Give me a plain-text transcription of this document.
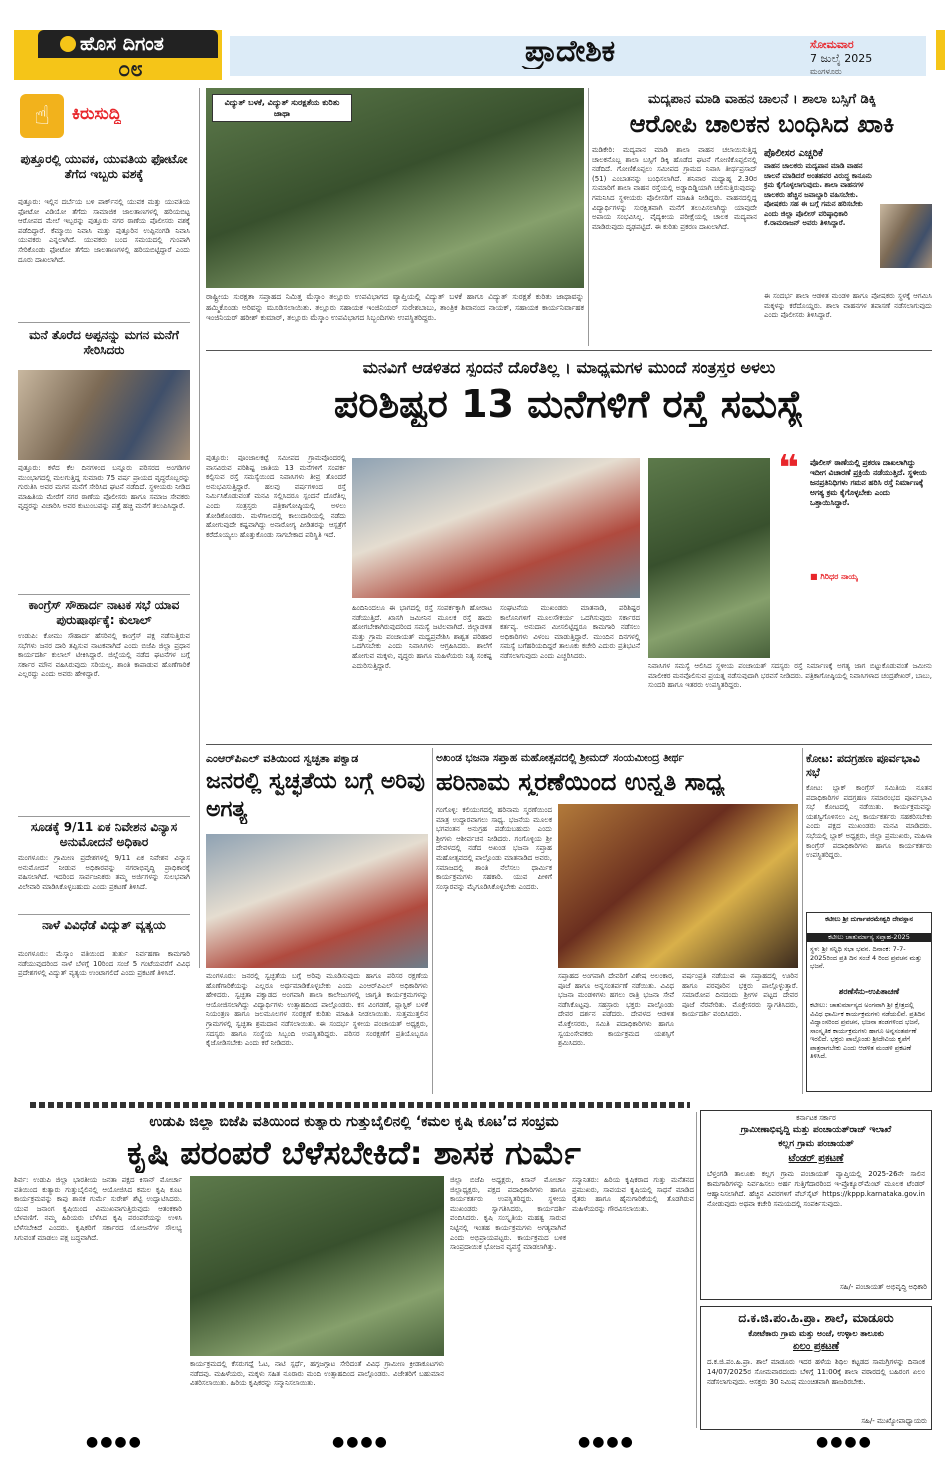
ಹೊಸ ದಿಗಂತ
೦೮
ಪ್ರಾದೇಶಿಕ	ಸೋಮವಾರ
7 ಜುಲೈ 2025
ಮಂಗಳೂರು
☝	ಕಿರುಸುದ್ದಿ
ಪುತ್ತೂರಲ್ಲಿ ಯುವಕ, ಯುವತಿಯ ಫೋಟೋ ತೆಗೆದ ಇಬ್ಬರು ವಶಕ್ಕೆ
ಪುತ್ತೂರು: ಇಲ್ಲಿನ ದರ್ಬೆಯ ಬಳಿ ಪಾರ್ಕ್‌ನಲ್ಲಿ ಯುವಕ ಮತ್ತು ಯುವತಿಯ ಫೋಟೋ ವಿಡಿಯೋ ತೆಗೆದು ಸಾಮಾಜಿಕ ಜಾಲತಾಣಗಳಲ್ಲಿ ಹರಿಯಬಿಟ್ಟ ಆರೋಪದ ಮೇಲೆ ಇಬ್ಬರನ್ನು ಪುತ್ತೂರು ನಗರ ಠಾಣೆಯ ಪೊಲೀಸರು ವಶಕ್ಕೆ ಪಡೆದಿದ್ದಾರೆ. ಕೆಮ್ಮಾಯಿ ನಿವಾಸಿ ಮತ್ತು ಪುತ್ತೂರಿನ ಉಪ್ಪಿನಂಗಡಿ ನಿವಾಸಿ ಯುವಕರು ಎನ್ನಲಾಗಿದೆ. ಯುವಕರು ಬಂದ ಸಮಯದಲ್ಲಿ ಗುಂಪಾಗಿ ಸೇರಿಕೊಂಡು ಫೋಟೋ ತೆಗೆದು ಜಾಲತಾಣಗಳಲ್ಲಿ ಹರಿಯಬಿಟ್ಟಿದ್ದಾರೆ ಎಂದು ದೂರು ದಾಖಲಾಗಿದೆ.
ಮನೆ ತೊರೆದ ಅಪ್ಪನನ್ನು ಮಗನ ಮನೆಗೆ ಸೇರಿಸಿದರು
ಪುತ್ತೂರು: ಕಳೆದ ಕೆಲ ದಿನಗಳಿಂದ ಬನ್ನೂರು ಪರಿಸರದ ಅಂಗಡಿಗಳ ಮುಂಭಾಗದಲ್ಲಿ ಮಲಗುತ್ತಿದ್ದ ಸುಮಾರು 75 ವರ್ಷ ಪ್ರಾಯದ ವೃದ್ಧರೊಬ್ಬರನ್ನು ಗುರುತಿಸಿ ಅವರ ಮಗನ ಮನೆಗೆ ಸೇರಿಸಿದ ಘಟನೆ ನಡೆದಿದೆ. ಸ್ಥಳೀಯರು ನೀಡಿದ ಮಾಹಿತಿಯ ಮೇರೆಗೆ ನಗರ ಠಾಣೆಯ ಪೊಲೀಸರು ಹಾಗೂ ಸಮಾಜ ಸೇವಕರು ವೃದ್ಧರನ್ನು ವಿಚಾರಿಸಿ ಅವರ ಕುಟುಂಬವನ್ನು ಪತ್ತೆ ಹಚ್ಚಿ ಮನೆಗೆ ತಲುಪಿಸಿದ್ದಾರೆ.
ಕಾಂಗ್ರೆಸ್ ಸೌಹಾರ್ದ ನಾಟಕ ಸಭೆ ಯಾವ ಪುರುಷಾರ್ಥಕ್ಕೆ: ಕುಲಾಲ್
ಉಡುಪಿ: ಕೋಮು ಸೌಹಾರ್ದ ಹೆಸರಿನಲ್ಲಿ ಕಾಂಗ್ರೆಸ್ ಪಕ್ಷ ನಡೆಸುತ್ತಿರುವ ಸಭೆಗಳು ಜನರ ದಾರಿ ತಪ್ಪಿಸುವ ನಾಟಕವಾಗಿದೆ ಎಂದು ಬಿಜೆಪಿ ಜಿಲ್ಲಾ ಪ್ರಧಾನ ಕಾರ್ಯದರ್ಶಿ ಕುಲಾಲ್ ಟೀಕಿಸಿದ್ದಾರೆ. ಜಿಲ್ಲೆಯಲ್ಲಿ ನಡೆದ ಘಟನೆಗಳ ಬಗ್ಗೆ ಸರ್ಕಾರ ಮೌನ ವಹಿಸಿರುವುದು ಸರಿಯಲ್ಲ. ಶಾಂತಿ ಕಾಪಾಡುವ ಹೊಣೆಗಾರಿಕೆ ಎಲ್ಲರದ್ದು ಎಂದು ಅವರು ಹೇಳಿದ್ದಾರೆ.
ಸೂಡಕ್ಕೆ 9/11 ಏಕ ನಿವೇಶನ ವಿನ್ಯಾಸ ಅನುಮೋದನೆ ಅಧಿಕಾರ
ಮಂಗಳೂರು: ಗ್ರಾಮೀಣ ಪ್ರದೇಶಗಳಲ್ಲಿ 9/11 ಏಕ ನಿವೇಶನ ವಿನ್ಯಾಸ ಅನುಮೋದನೆ ನೀಡುವ ಅಧಿಕಾರವನ್ನು ನಗರಾಭಿವೃದ್ಧಿ ಪ್ರಾಧಿಕಾರಕ್ಕೆ ವಹಿಸಲಾಗಿದೆ. ಇದರಿಂದ ಸಾರ್ವಜನಿಕರು ತಮ್ಮ ಅರ್ಜಿಗಳನ್ನು ಸುಲಭವಾಗಿ ವಿಲೇವಾರಿ ಮಾಡಿಸಿಕೊಳ್ಳಬಹುದು ಎಂದು ಪ್ರಕಟಣೆ ತಿಳಿಸಿದೆ.
ನಾಳೆ ವಿವಿಧೆಡೆ ವಿದ್ಯುತ್ ವ್ಯತ್ಯಯ
ಮಂಗಳೂರು: ಮೆಸ್ಕಾಂ ವತಿಯಿಂದ ತುರ್ತು ನಿರ್ವಹಣಾ ಕಾಮಗಾರಿ ನಡೆಯುವುದರಿಂದ ನಾಳೆ ಬೆಳಗ್ಗೆ 10ರಿಂದ ಸಂಜೆ 5 ಗಂಟೆಯವರೆಗೆ ವಿವಿಧ ಪ್ರದೇಶಗಳಲ್ಲಿ ವಿದ್ಯುತ್ ವ್ಯತ್ಯಯ ಉಂಟಾಗಲಿದೆ ಎಂದು ಪ್ರಕಟಣೆ ತಿಳಿಸಿದೆ.
ವಿದ್ಯುತ್ ಬಳಕೆ, ವಿದ್ಯುತ್ ಸುರಕ್ಷತೆಯ ಕುರಿತು ಜಾಥಾ
ರಾಷ್ಟ್ರೀಯ ಸುರಕ್ಷತಾ ಸಪ್ತಾಹದ ನಿಮಿತ್ತ ಮೆಸ್ಕಾಂ ತಲ್ಲೂರು ಉಪವಿಭಾಗದ ವ್ಯಾಪ್ತಿಯಲ್ಲಿ ವಿದ್ಯುತ್ ಬಳಕೆ ಹಾಗೂ ವಿದ್ಯುತ್ ಸುರಕ್ಷತೆ ಕುರಿತು ಜಾಥಾವನ್ನು ಹಮ್ಮಿಕೊಂಡು ಅರಿವನ್ನು ಮೂಡಿಸಲಾಯಿತು. ತಲ್ಲೂರು ಸಹಾಯಕ ಇಂಜಿನಿಯರ್ ಸುರೇಶಬಾಬು, ತಾಂತ್ರಿಕ ಶಿವಾನಂದ ನಾಯಕ್, ಸಹಾಯಕ ಕಾರ್ಯನಿರ್ವಾಹಕ ಇಂಜಿನಿಯರ್ ಹರೀಶ್ ಕುಮಾರ್, ತಲ್ಲೂರು ಮೆಸ್ಕಾಂ ಉಪವಿಭಾಗದ ಸಿಬ್ಬಂದಿಗಳು ಉಪಸ್ಥಿತರಿದ್ದರು.
ಮದ್ಯಪಾನ ಮಾಡಿ ವಾಹನ ಚಾಲನೆ । ಶಾಲಾ ಬಸ್ಸಿಗೆ ಡಿಕ್ಕಿ
ಆರೋಪಿ ಚಾಲಕನ ಬಂಧಿಸಿದ ಖಾಕಿ
ಮಡಿಕೇರಿ: ಮದ್ಯಪಾನ ಮಾಡಿ ಶಾಲಾ ವಾಹನ ಚಲಾಯಿಸುತ್ತಿದ್ದ ಚಾಲಕನೊಬ್ಬ ಶಾಲಾ ಬಸ್ಸಿಗೆ ಡಿಕ್ಕಿ ಹೊಡೆದ ಘಟನೆ ಗೋಣಿಕೊಪ್ಪಲಿನಲ್ಲಿ ನಡೆದಿದೆ. ಗೋಣಿಕೊಪ್ಪಲು ಸಮೀಪದ ಗ್ರಾಮದ ನಿವಾಸಿ ತೀರ್ಥಪ್ರಸಾದ್ (51) ಎಂಬಾತನನ್ನು ಬಂಧಿಸಲಾಗಿದೆ. ಶನಿವಾರ ಮಧ್ಯಾಹ್ನ 2.30ರ ಸುಮಾರಿಗೆ ಶಾಲಾ ವಾಹನ ರಸ್ತೆಯಲ್ಲಿ ಅಡ್ಡಾದಿಡ್ಡಿಯಾಗಿ ಚಲಿಸುತ್ತಿರುವುದನ್ನು ಗಮನಿಸಿದ ಸ್ಥಳೀಯರು ಪೊಲೀಸರಿಗೆ ಮಾಹಿತಿ ನೀಡಿದ್ದರು. ವಾಹನದಲ್ಲಿದ್ದ ವಿದ್ಯಾರ್ಥಿಗಳನ್ನು ಸುರಕ್ಷಿತವಾಗಿ ಮನೆಗೆ ತಲುಪಿಸಲಾಗಿದ್ದು ಯಾವುದೇ ಅಪಾಯ ಸಂಭವಿಸಿಲ್ಲ. ವೈದ್ಯಕೀಯ ಪರೀಕ್ಷೆಯಲ್ಲಿ ಚಾಲಕ ಮದ್ಯಪಾನ ಮಾಡಿರುವುದು ದೃಢಪಟ್ಟಿದೆ. ಈ ಕುರಿತು ಪ್ರಕರಣ ದಾಖಲಾಗಿದೆ.
ಪೊಲೀಸರ ಎಚ್ಚರಿಕೆ
ವಾಹನ ಚಾಲಕರು ಮದ್ಯಪಾನ ಮಾಡಿ ವಾಹನ ಚಾಲನೆ ಮಾಡಿದರೆ ಅಂತಹವರ ವಿರುದ್ಧ ಕಾನೂನು ಕ್ರಮ ಕೈಗೊಳ್ಳಲಾಗುವುದು. ಶಾಲಾ ವಾಹನಗಳ ಚಾಲಕರು ಹೆಚ್ಚಿನ ಜವಾಬ್ದಾರಿ ವಹಿಸಬೇಕು. ಪೋಷಕರು ಸಹ ಈ ಬಗ್ಗೆ ಗಮನ ಹರಿಸಬೇಕು ಎಂದು ಜಿಲ್ಲಾ ಪೊಲೀಸ್ ವರಿಷ್ಠಾಧಿಕಾರಿ ಕೆ.ರಾಮರಾಜನ್ ಅವರು ತಿಳಿಸಿದ್ದಾರೆ.
ಈ ಸಂದರ್ಭ ಶಾಲಾ ಆಡಳಿತ ಮಂಡಳಿ ಹಾಗೂ ಪೋಷಕರು ಸ್ಥಳಕ್ಕೆ ಆಗಮಿಸಿ ಮಕ್ಕಳನ್ನು ಕರೆದೊಯ್ದರು. ಶಾಲಾ ವಾಹನಗಳ ತಪಾಸಣೆ ನಡೆಸಲಾಗುವುದು ಎಂದು ಪೊಲೀಸರು ತಿಳಿಸಿದ್ದಾರೆ.
ಮನವಿಗೆ ಆಡಳಿತದ ಸ್ಪಂದನೆ ದೊರೆತಿಲ್ಲ । ಮಾಧ್ಯಮಗಳ ಮುಂದೆ ಸಂತ್ರಸ್ತರ ಅಳಲು
ಪರಿಶಿಷ್ಟರ 13 ಮನೆಗಳಿಗೆ ರಸ್ತೆ ಸಮಸ್ಯೆ
ಪುತ್ತೂರು: ಪೂಂಜಾಲಕಟ್ಟೆ ಸಮೀಪದ ಗ್ರಾಮವೊಂದರಲ್ಲಿ ವಾಸವಿರುವ ಪರಿಶಿಷ್ಟ ಜಾತಿಯ 13 ಮನೆಗಳಿಗೆ ಸಂಪರ್ಕ ಕಲ್ಪಿಸುವ ರಸ್ತೆ ಸಮಸ್ಯೆಯಿಂದ ನಿವಾಸಿಗಳು ತೀವ್ರ ತೊಂದರೆ ಅನುಭವಿಸುತ್ತಿದ್ದಾರೆ. ಹಲವು ವರ್ಷಗಳಿಂದ ರಸ್ತೆ ನಿರ್ಮಿಸಿಕೊಡುವಂತೆ ಮನವಿ ಸಲ್ಲಿಸಿದರೂ ಸ್ಪಂದನೆ ದೊರೆತಿಲ್ಲ ಎಂದು ಸಂತ್ರಸ್ತರು ಪತ್ರಿಕಾಗೋಷ್ಠಿಯಲ್ಲಿ ಅಳಲು ತೋಡಿಕೊಂಡರು. ಮಳೆಗಾಲದಲ್ಲಿ ಕಾಲುದಾರಿಯಲ್ಲಿ ನಡೆದು ಹೋಗುವುದೇ ಕಷ್ಟವಾಗಿದ್ದು ಅನಾರೋಗ್ಯ ಪೀಡಿತರನ್ನು ಆಸ್ಪತ್ರೆಗೆ ಕರೆದೊಯ್ಯಲು ಹೊತ್ತುಕೊಂಡು ಸಾಗಬೇಕಾದ ಪರಿಸ್ಥಿತಿ ಇದೆ.
ಹಿಂದಿನಿಂದಲೂ ಈ ಭಾಗದಲ್ಲಿ ರಸ್ತೆ ಸಂಪರ್ಕಕ್ಕಾಗಿ ಹೋರಾಟ ನಡೆಯುತ್ತಿದೆ. ಖಾಸಗಿ ಜಮೀನಿನ ಮೂಲಕ ರಸ್ತೆ ಹಾದು ಹೋಗಬೇಕಾಗಿರುವುದರಿಂದ ಸಮಸ್ಯೆ ಜಟಿಲವಾಗಿದೆ. ಜಿಲ್ಲಾಡಳಿತ ಮತ್ತು ಗ್ರಾಮ ಪಂಚಾಯತ್ ಮಧ್ಯಪ್ರವೇಶಿಸಿ ಶಾಶ್ವತ ಪರಿಹಾರ ಒದಗಿಸಬೇಕು ಎಂದು ನಿವಾಸಿಗಳು ಆಗ್ರಹಿಸಿದರು. ಶಾಲೆಗೆ ಹೋಗುವ ಮಕ್ಕಳು, ವೃದ್ಧರು ಹಾಗೂ ಮಹಿಳೆಯರು ನಿತ್ಯ ಸಂಕಷ್ಟ ಎದುರಿಸುತ್ತಿದ್ದಾರೆ.
ಸಂಘಟನೆಯ ಮುಖಂಡರು ಮಾತನಾಡಿ, ಪರಿಶಿಷ್ಟರ ಕಾಲೊನಿಗಳಿಗೆ ಮೂಲಸೌಕರ್ಯ ಒದಗಿಸುವುದು ಸರ್ಕಾರದ ಕರ್ತವ್ಯ. ಅನುದಾನ ಮೀಸಲಿಟ್ಟಿದ್ದರೂ ಕಾಮಗಾರಿ ನಡೆಸಲು ಅಧಿಕಾರಿಗಳು ವಿಳಂಬ ಮಾಡುತ್ತಿದ್ದಾರೆ. ಮುಂದಿನ ದಿನಗಳಲ್ಲಿ ಸಮಸ್ಯೆ ಬಗೆಹರಿಯದಿದ್ದರೆ ತಾಲೂಕು ಕಚೇರಿ ಎದುರು ಪ್ರತಿಭಟನೆ ನಡೆಸಲಾಗುವುದು ಎಂದು ಎಚ್ಚರಿಸಿದರು.
ನಿವಾಸಿಗಳ ಸಮಸ್ಯೆ ಆಲಿಸಿದ ಸ್ಥಳೀಯ ಪಂಚಾಯತ್ ಸದಸ್ಯರು ರಸ್ತೆ ನಿರ್ಮಾಣಕ್ಕೆ ಅಗತ್ಯ ಜಾಗ ಬಿಟ್ಟುಕೊಡುವಂತೆ ಜಮೀನು ಮಾಲೀಕರ ಮನವೊಲಿಸುವ ಪ್ರಯತ್ನ ನಡೆಸುವುದಾಗಿ ಭರವಸೆ ನೀಡಿದರು. ಪತ್ರಿಕಾಗೋಷ್ಠಿಯಲ್ಲಿ ನಿವಾಸಿಗಳಾದ ಚಂದ್ರಶೇಖರ್, ಬಾಬು, ಸುಂದರಿ ಹಾಗೂ ಇತರರು ಉಪಸ್ಥಿತರಿದ್ದರು.
❝ ಪೊಲೀಸ್ ಠಾಣೆಯಲ್ಲಿ ಪ್ರಕರಣ ದಾಖಲಾಗಿದ್ದು ಇದೀಗ ವಿಚಾರಣೆ ಪ್ರಕ್ರಿಯೆ ನಡೆಯುತ್ತಿದೆ. ಸ್ಥಳೀಯ ಜನಪ್ರತಿನಿಧಿಗಳು ಗಮನ ಹರಿಸಿ ರಸ್ತೆ ನಿರ್ಮಾಣಕ್ಕೆ ಅಗತ್ಯ ಕ್ರಮ ಕೈಗೊಳ್ಳಬೇಕು ಎಂದು ಒತ್ತಾಯಿಸಿದ್ದಾರೆ.
■ ಗಿರಿಧರ ನಾಯ್ಕ
ಎಂಆರ್‌ಪಿಎಲ್ ವತಿಯಿಂದ ಸ್ವಚ್ಛತಾ ಪಕ್ವಾಡ
ಜನರಲ್ಲಿ ಸ್ವಚ್ಛತೆಯ ಬಗ್ಗೆ ಅರಿವು ಅಗತ್ಯ
ಮಂಗಳೂರು: ಜನರಲ್ಲಿ ಸ್ವಚ್ಛತೆಯ ಬಗ್ಗೆ ಅರಿವು ಮೂಡಿಸುವುದು ಹಾಗೂ ಪರಿಸರ ರಕ್ಷಣೆಯ ಹೊಣೆಗಾರಿಕೆಯನ್ನು ಎಲ್ಲರೂ ಅರ್ಥಮಾಡಿಕೊಳ್ಳಬೇಕು ಎಂದು ಎಂಆರ್‌ಪಿಎಲ್ ಅಧಿಕಾರಿಗಳು ಹೇಳಿದರು. ಸ್ವಚ್ಛತಾ ಪಕ್ವಾಡದ ಅಂಗವಾಗಿ ಶಾಲಾ ಕಾಲೇಜುಗಳಲ್ಲಿ ಜಾಗೃತಿ ಕಾರ್ಯಕ್ರಮಗಳನ್ನು ಆಯೋಜಿಸಲಾಗಿದ್ದು ವಿದ್ಯಾರ್ಥಿಗಳು ಉತ್ಸಾಹದಿಂದ ಪಾಲ್ಗೊಂಡರು. ಕಸ ವಿಂಗಡಣೆ, ಪ್ಲಾಸ್ಟಿಕ್ ಬಳಕೆ ನಿಯಂತ್ರಣ ಹಾಗೂ ಜಲಮೂಲಗಳ ಸಂರಕ್ಷಣೆ ಕುರಿತು ಮಾಹಿತಿ ನೀಡಲಾಯಿತು. ಸುತ್ತಮುತ್ತಲಿನ ಗ್ರಾಮಗಳಲ್ಲಿ ಸ್ವಚ್ಛತಾ ಶ್ರಮದಾನ ನಡೆಸಲಾಯಿತು. ಈ ಸಂದರ್ಭ ಸ್ಥಳೀಯ ಪಂಚಾಯತ್ ಅಧ್ಯಕ್ಷರು, ಸದಸ್ಯರು ಹಾಗೂ ಸಂಸ್ಥೆಯ ಸಿಬ್ಬಂದಿ ಉಪಸ್ಥಿತರಿದ್ದರು. ಪರಿಸರ ಸಂರಕ್ಷಣೆಗೆ ಪ್ರತಿಯೊಬ್ಬರೂ ಕೈಜೋಡಿಸಬೇಕು ಎಂದು ಕರೆ ನೀಡಿದರು.
ಅಖಂಡ ಭಜನಾ ಸಪ್ತಾಹ ಮಹೋತ್ಸವದಲ್ಲಿ ಶ್ರೀಮದ್ ಸಂಯಮೀಂದ್ರ ತೀರ್ಥ
ಹರಿನಾಮ ಸ್ಮರಣೆಯಿಂದ ಉನ್ನತಿ ಸಾಧ್ಯ
ಗಂಗೊಳ್ಳಿ: ಕಲಿಯುಗದಲ್ಲಿ ಹರಿನಾಮ ಸ್ಮರಣೆಯಿಂದ ಮಾತ್ರ ಉದ್ಧಾರವಾಗಲು ಸಾಧ್ಯ. ಭಜನೆಯ ಮೂಲಕ ಭಗವಂತನ ಅನುಗ್ರಹ ಪಡೆಯಬಹುದು ಎಂದು ಶ್ರೀಗಳು ಆಶೀರ್ವಚನ ನೀಡಿದರು. ಗಂಗೊಳ್ಳಿಯ ಶ್ರೀ ದೇವಳದಲ್ಲಿ ನಡೆದ ಅಖಂಡ ಭಜನಾ ಸಪ್ತಾಹ ಮಹೋತ್ಸವದಲ್ಲಿ ಪಾಲ್ಗೊಂಡು ಮಾತನಾಡಿದ ಅವರು, ಸಮಾಜದಲ್ಲಿ ಶಾಂತಿ ನೆಲೆಸಲು ಧಾರ್ಮಿಕ ಕಾರ್ಯಕ್ರಮಗಳು ಸಹಕಾರಿ. ಯುವ ಪೀಳಿಗೆ ಸಂಸ್ಕಾರವನ್ನು ಮೈಗೂಡಿಸಿಕೊಳ್ಳಬೇಕು ಎಂದರು.
ಸಪ್ತಾಹದ ಅಂಗವಾಗಿ ದೇವರಿಗೆ ವಿಶೇಷ ಅಲಂಕಾರ, ಪೂಜೆ ಹಾಗೂ ಅನ್ನಸಂತರ್ಪಣೆ ನಡೆಯಿತು. ವಿವಿಧ ಭಜನಾ ಮಂಡಳಿಗಳು ಹಗಲು ರಾತ್ರಿ ಭಜನಾ ಸೇವೆ ನಡೆಸಿಕೊಟ್ಟವು. ಸಹಸ್ರಾರು ಭಕ್ತರು ಪಾಲ್ಗೊಂಡು ದೇವರ ದರ್ಶನ ಪಡೆದರು. ದೇವಳದ ಆಡಳಿತ ಮೊಕ್ತೇಸರರು, ಸಮಿತಿ ಪದಾಧಿಕಾರಿಗಳು ಹಾಗೂ ಸ್ವಯಂಸೇವಕರು ಕಾರ್ಯಕ್ರಮದ ಯಶಸ್ಸಿಗೆ ಶ್ರಮಿಸಿದರು.
ವರ್ಷಂಪ್ರತಿ ನಡೆಯುವ ಈ ಸಪ್ತಾಹದಲ್ಲಿ ಊರಿನ ಹಾಗೂ ಪರವೂರಿನ ಭಕ್ತರು ಪಾಲ್ಗೊಳ್ಳುತ್ತಾರೆ. ಸಮಾರೋಪ ದಿನದಂದು ಶ್ರೀಗಳ ಪಟ್ಟದ ದೇವರ ಪೂಜೆ ನೆರವೇರಿತು. ಮೊಕ್ತೇಸರರು ಸ್ವಾಗತಿಸಿದರು, ಕಾರ್ಯದರ್ಶಿ ವಂದಿಸಿದರು.
ಕೋಟ: ಪದಗ್ರಹಣ ಪೂರ್ವಭಾವಿ ಸಭೆ
ಕೋಟ: ಬ್ಲಾಕ್ ಕಾಂಗ್ರೆಸ್ ಸಮಿತಿಯ ನೂತನ ಪದಾಧಿಕಾರಿಗಳ ಪದಗ್ರಹಣ ಸಮಾರಂಭದ ಪೂರ್ವಭಾವಿ ಸಭೆ ಕೋಟದಲ್ಲಿ ನಡೆಯಿತು. ಕಾರ್ಯಕ್ರಮವನ್ನು ಯಶಸ್ವಿಗೊಳಿಸಲು ಎಲ್ಲ ಕಾರ್ಯಕರ್ತರು ಸಹಕರಿಸಬೇಕು ಎಂದು ಪಕ್ಷದ ಮುಖಂಡರು ಮನವಿ ಮಾಡಿದರು. ಸಭೆಯಲ್ಲಿ ಬ್ಲಾಕ್ ಅಧ್ಯಕ್ಷರು, ಜಿಲ್ಲಾ ಪ್ರಮುಖರು, ಮಹಿಳಾ ಕಾಂಗ್ರೆಸ್ ಪದಾಧಿಕಾರಿಗಳು ಹಾಗೂ ಕಾರ್ಯಕರ್ತರು ಉಪಸ್ಥಿತರಿದ್ದರು.
ಕಟೀಲು ಶ್ರೀ ದುರ್ಗಾಪರಮೇಶ್ವರಿ ದೇವಸ್ಥಾನ
ಕಟೀಲು ಚಾತುರ್ಮಾಸ್ಯ ಸಪ್ತಾಹ-2025
ಸ್ಥಳ: ಶ್ರೀ ಸನ್ನಿಧಿ ಸಭಾ ಭವನ. ದಿನಾಂಕ: 7-7-2025ರಿಂದ ಪ್ರತಿ ದಿನ ಸಂಜೆ 4 ರಿಂದ ಪ್ರವಚನ ಮತ್ತು ಭಜನೆ.
ಶರಣೆಸೆನು-ಉಪಿತಾಚಣೆ
ಕಟೀಲು: ಚಾತುರ್ಮಾಸ್ಯದ ಅಂಗವಾಗಿ ಶ್ರೀ ಕ್ಷೇತ್ರದಲ್ಲಿ ವಿವಿಧ ಧಾರ್ಮಿಕ ಕಾರ್ಯಕ್ರಮಗಳು ನಡೆಯಲಿವೆ. ಪ್ರತಿದಿನ ವಿದ್ವಾಂಸರಿಂದ ಪ್ರವಚನ, ಭಜನಾ ತಂಡಗಳಿಂದ ಭಜನೆ, ಸಾಂಸ್ಕೃತಿಕ ಕಾರ್ಯಕ್ರಮಗಳು ಹಾಗೂ ಅನ್ನಸಂತರ್ಪಣೆ ಇರಲಿದೆ. ಭಕ್ತರು ಪಾಲ್ಗೊಂಡು ಶ್ರೀದೇವಿಯ ಕೃಪೆಗೆ ಪಾತ್ರರಾಗಬೇಕು ಎಂದು ಆಡಳಿತ ಮಂಡಳಿ ಪ್ರಕಟಣೆ ತಿಳಿಸಿದೆ.
ಉಡುಪಿ ಜಿಲ್ಲಾ ಬಿಜೆಪಿ ವತಿಯಿಂದ ಕುತ್ಯಾರು ಗುತ್ತುಬೈಲಿನಲ್ಲಿ ‘ಕಮಲ ಕೃಷಿ ಕೂಟ’ದ ಸಂಭ್ರಮ
ಕೃಷಿ ಪರಂಪರೆ ಬೆಳೆಸಬೇಕಿದೆ: ಶಾಸಕ ಗುರ್ಮೆ
ಶಿರ್ವ: ಉಡುಪಿ ಜಿಲ್ಲಾ ಭಾರತೀಯ ಜನತಾ ಪಕ್ಷದ ಕಿಸಾನ್ ಮೋರ್ಚಾ ವತಿಯಿಂದ ಕುತ್ಯಾರು ಗುತ್ತುಬೈಲಿನಲ್ಲಿ ಆಯೋಜಿಸಿದ ಕಮಲ ಕೃಷಿ ಕೂಟ ಕಾರ್ಯಕ್ರಮವನ್ನು ಕಾಪು ಶಾಸಕ ಗುರ್ಮೆ ಸುರೇಶ್ ಶೆಟ್ಟಿ ಉದ್ಘಾಟಿಸಿದರು. ಯುವ ಜನಾಂಗ ಕೃಷಿಯಿಂದ ವಿಮುಖವಾಗುತ್ತಿರುವುದು ಆತಂಕಕಾರಿ ಬೆಳವಣಿಗೆ. ನಮ್ಮ ಹಿರಿಯರು ಬೆಳೆಸಿದ ಕೃಷಿ ಪರಂಪರೆಯನ್ನು ಉಳಿಸಿ ಬೆಳೆಸಬೇಕಿದೆ ಎಂದರು. ಕೃಷಿಕರಿಗೆ ಸರ್ಕಾರದ ಯೋಜನೆಗಳ ಸೌಲಭ್ಯ ಸಿಗುವಂತೆ ಮಾಡಲು ಪಕ್ಷ ಬದ್ಧವಾಗಿದೆ.
ಕಾರ್ಯಕ್ರಮದಲ್ಲಿ ಕೆಸರುಗದ್ದೆ ಓಟ, ನಾಟಿ ಸ್ಪರ್ಧೆ, ಹಗ್ಗಜಗ್ಗಾಟ ಸೇರಿದಂತೆ ವಿವಿಧ ಗ್ರಾಮೀಣ ಕ್ರೀಡಾಕೂಟಗಳು ನಡೆದವು. ಮಹಿಳೆಯರು, ಮಕ್ಕಳು ಸಹಿತ ನೂರಾರು ಮಂದಿ ಉತ್ಸಾಹದಿಂದ ಪಾಲ್ಗೊಂಡರು. ವಿಜೇತರಿಗೆ ಬಹುಮಾನ ವಿತರಿಸಲಾಯಿತು. ಹಿರಿಯ ಕೃಷಿಕರನ್ನು ಸನ್ಮಾನಿಸಲಾಯಿತು.
ಜಿಲ್ಲಾ ಬಿಜೆಪಿ ಅಧ್ಯಕ್ಷರು, ಕಿಸಾನ್ ಮೋರ್ಚಾ ಜಿಲ್ಲಾಧ್ಯಕ್ಷರು, ಪಕ್ಷದ ಪದಾಧಿಕಾರಿಗಳು ಹಾಗೂ ಕಾರ್ಯಕರ್ತರು ಉಪಸ್ಥಿತರಿದ್ದರು. ಸ್ಥಳೀಯ ಮುಖಂಡರು ಸ್ವಾಗತಿಸಿದರು, ಕಾರ್ಯದರ್ಶಿ ವಂದಿಸಿದರು. ಕೃಷಿ ಸಂಸ್ಕೃತಿಯ ಮಹತ್ವ ಸಾರುವ ನಿಟ್ಟಿನಲ್ಲಿ ಇಂತಹ ಕಾರ್ಯಕ್ರಮಗಳು ಅಗತ್ಯವಾಗಿವೆ ಎಂದು ಅಭಿಪ್ರಾಯಪಟ್ಟರು. ಕಾರ್ಯಕ್ರಮದ ಬಳಿಕ ಸಾಂಪ್ರದಾಯಿಕ ಭೋಜನ ವ್ಯವಸ್ಥೆ ಮಾಡಲಾಗಿತ್ತು.
ಸನ್ಮಾನಿತರು: ಹಿರಿಯ ಕೃಷಿಕರಾದ ಗುತ್ತು ಮನೆತನದ ಪ್ರಮುಖರು, ಸಾವಯವ ಕೃಷಿಯಲ್ಲಿ ಸಾಧನೆ ಮಾಡಿದ ರೈತರು ಹಾಗೂ ಹೈನುಗಾರಿಕೆಯಲ್ಲಿ ತೊಡಗಿರುವ ಮಹಿಳೆಯರನ್ನು ಗೌರವಿಸಲಾಯಿತು.
ಕರ್ನಾಟಕ ಸರ್ಕಾರ
ಗ್ರಾಮೀಣಾಭಿವೃದ್ಧಿ ಮತ್ತು ಪಂಚಾಯತ್‌ರಾಜ್ ಇಲಾಖೆ
ಕಲ್ಲಗ ಗ್ರಾಮ ಪಂಚಾಯತ್
ಟೆಂಡರ್ ಪ್ರಕಟಣೆ
ಬೆಳ್ತಂಗಡಿ ತಾಲೂಕು ಕಲ್ಲಗ ಗ್ರಾಮ ಪಂಚಾಯತ್ ವ್ಯಾಪ್ತಿಯಲ್ಲಿ 2025-26ನೇ ಸಾಲಿನ ಕಾಮಗಾರಿಗಳನ್ನು ನಿರ್ವಹಿಸಲು ಅರ್ಹ ಗುತ್ತಿಗೆದಾರರಿಂದ ಇ-ಪ್ರೊಕ್ಯೂರ್‌ಮೆಂಟ್ ಮೂಲಕ ಟೆಂಡರ್ ಆಹ್ವಾನಿಸಲಾಗಿದೆ. ಹೆಚ್ಚಿನ ವಿವರಗಳಿಗೆ ವೆಬ್‌ಸೈಟ್ https://kppp.karnataka.gov.in ನೋಡುವುದು ಅಥವಾ ಕಚೇರಿ ಸಮಯದಲ್ಲಿ ಸಂಪರ್ಕಿಸುವುದು.
ಸಹಿ/- ಪಂಚಾಯತ್ ಅಭಿವೃದ್ಧಿ ಅಧಿಕಾರಿ
ದ.ಕ.ಜಿ.ಪಂ.ಹಿ.ಪ್ರಾ. ಶಾಲೆ, ಮಾಡೂರು
ಕೋಟೆಕಾರು ಗ್ರಾಮ ಮತ್ತು ಅಂಚೆ, ಉಳ್ಳಾಲ ತಾಲೂಕು
ಏಲಂ ಪ್ರಕಟಣೆ
ದ.ಕ.ಜಿ.ಪಂ.ಹಿ.ಪ್ರಾ. ಶಾಲೆ ಮಾಡೂರು ಇದರ ಹಳೆಯ ಶಿಥಿಲ ಕಟ್ಟಡದ ಸಾಮಗ್ರಿಗಳನ್ನು ದಿನಾಂಕ 14/07/2025ರ ಸೋಮವಾರದಂದು ಬೆಳಿಗ್ಗೆ 11:00ಕ್ಕೆ ಶಾಲಾ ವಠಾರದಲ್ಲಿ ಬಹಿರಂಗ ಏಲಂ ನಡೆಸಲಾಗುವುದು. ಆಸಕ್ತರು 30 ನಿಮಿಷ ಮುಂಚಿತವಾಗಿ ಹಾಜರಿರಬೇಕು.
ಸಹಿ/- ಮುಖ್ಯೋಪಾಧ್ಯಾಯರು
●●●●	●●●●	●●●●	●●●●
